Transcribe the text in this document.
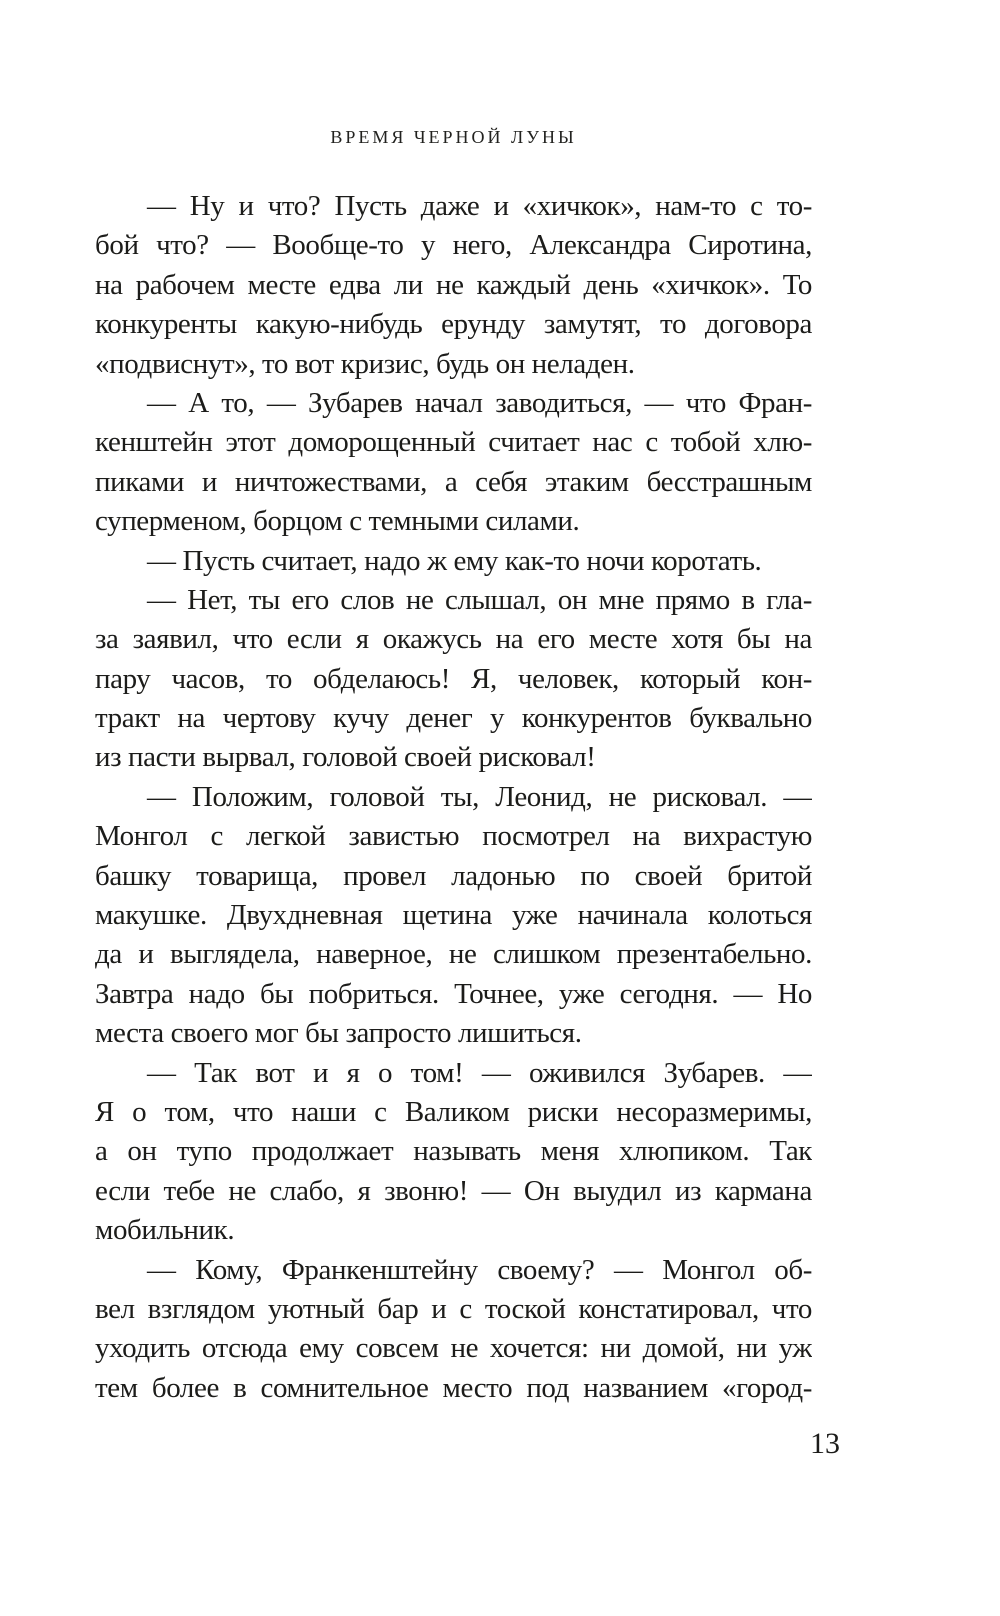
ВРЕМЯ ЧЕРНОЙ ЛУНЫ
— Ну и что? Пусть даже и «хичкок», нам-то с то-
бой что? — Вообще-то у него, Александра Сиротина,
на рабочем месте едва ли не каждый день «хичкок». То
конкуренты какую-нибудь ерунду замутят, то договора
«подвиснут», то вот кризис, будь он неладен.
— А то, — Зубарев начал заводиться, — что Фран-
кенштейн этот доморощенный считает нас с тобой хлю-
пиками и ничтожествами, а себя этаким бесстрашным
суперменом, борцом с темными силами.
— Пусть считает, надо ж ему как-то ночи коротать.
— Нет, ты его слов не слышал, он мне прямо в гла-
за заявил, что если я окажусь на его месте хотя бы на
пару часов, то обделаюсь! Я, человек, который кон-
тракт на чертову кучу денег у конкурентов буквально
из пасти вырвал, головой своей рисковал!
— Положим, головой ты, Леонид, не рисковал. —
Монгол с легкой завистью посмотрел на вихрастую
башку товарища, провел ладонью по своей бритой
макушке. Двухдневная щетина уже начинала колоться
да и выглядела, наверное, не слишком презентабельно.
Завтра надо бы побриться. Точнее, уже сегодня. — Но
места своего мог бы запросто лишиться.
— Так вот и я о том! — оживился Зубарев. —
Я о том, что наши с Валиком риски несоразмеримы,
а он тупо продолжает называть меня хлюпиком. Так
если тебе не слабо, я звоню! — Он выудил из кармана
мобильник.
— Кому, Франкенштейну своему? — Монгол об-
вел взглядом уютный бар и с тоской констатировал, что
уходить отсюда ему совсем не хочется: ни домой, ни уж
тем более в сомнительное место под названием «город-
13
